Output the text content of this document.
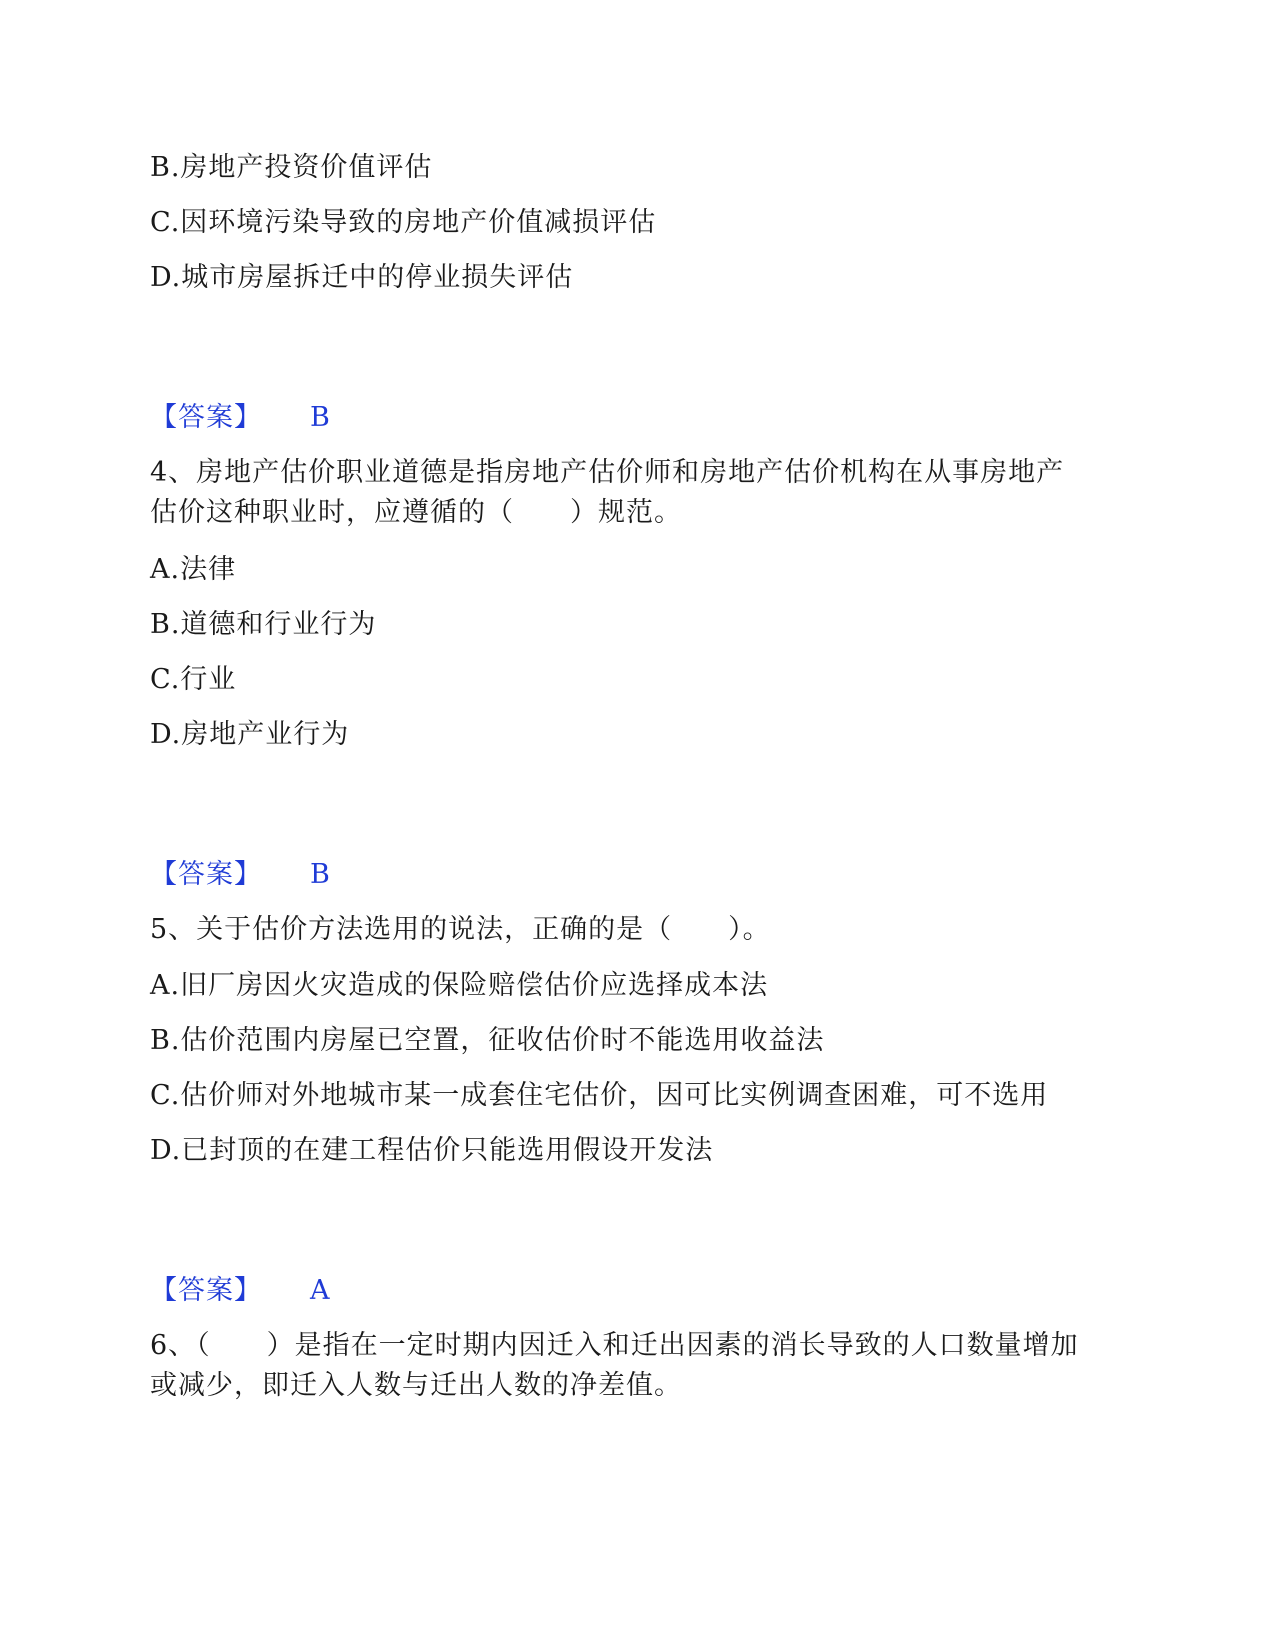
B.房地产投资价值评估
C.因环境污染导致的房地产价值减损评估
D.城市房屋拆迁中的停业损失评估
【答案】 B
4、房地产估价职业道德是指房地产估价师和房地产估价机构在从事房地产
估价这种职业时，应遵循的（　　）规范。
A.法律
B.道德和行业行为
C.行业
D.房地产业行为
【答案】 B
5、关于估价方法选用的说法，正确的是（　　）。
A.旧厂房因火灾造成的保险赔偿估价应选择成本法
B.估价范围内房屋已空置，征收估价时不能选用收益法
C.估价师对外地城市某一成套住宅估价，因可比实例调查困难，可不选用
D.已封顶的在建工程估价只能选用假设开发法
【答案】 A
6、（　　）是指在一定时期内因迁入和迁出因素的消长导致的人口数量增加
或减少，即迁入人数与迁出人数的净差值。
